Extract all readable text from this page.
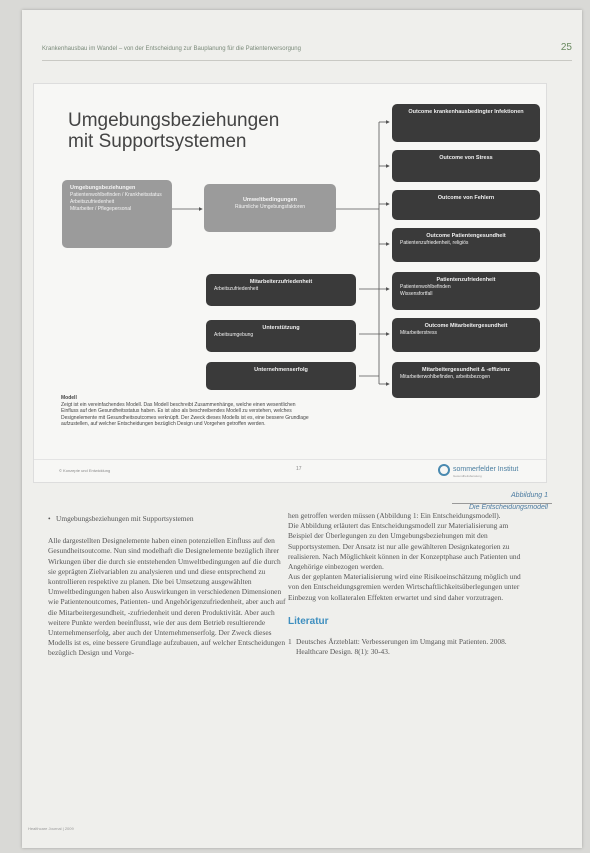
Krankenhausbau im Wandel – von der Entscheidung zur Bauplanung für die Patientenversorgung	25
Umgebungsbeziehungen
mit Supportsystemen
Umgebungsbeziehungen
Patientenwohlbefinden / Krankheitsstatus
Arbeitszufriedenheit
Mitarbeiter / Pflegepersonal
Umweltbedingungen
Räumliche Umgebungsfaktoren
Mitarbeiterzufriedenheit
Arbeitszufriedenheit
Unterstützung
Arbeitsumgebung
Unternehmenserfolg
Outcome krankenhausbedingter Infektionen
Outcome von Stress
Outcome von Fehlern
Outcome Patientengesundheit
Patientenzufriedenheit, religiös
Patientenzufriedenheit
Patientenwohlbefinden
Wissensfortfall
Outcome Mitarbeitergesundheit
Mitarbeiterstress
Mitarbeitergesundheit & -effizienz
Mitarbeiterwohlbefinden, arbeitsbezogen
Modell
Zeigt ist ein vereinfachendes Modell. Das Modell beschreibt Zusammenhänge, welche einen wesentlichen Einfluss auf den Gesundheitsstatus haben. Es ist also als beschreibendes Modell zu verstehen, welches Designelemente mit Gesundheitsoutcomes verknüpft. Der Zweck dieses Modells ist es, eine bessere Grundlage aufzustellen, auf welcher Entscheidungen bezüglich Design und Vorgehen getroffen werden.
© Konzepte und Entwicklung	17	sommerfelder Institut
Gesundheitsberatung
Abbildung 1
Die Entscheidungsmodell

• Umgebungsbeziehungen mit Supportsystemen

Alle dargestellten Designelemente haben einen potenziellen Einfluss auf den Gesundheitsoutcome. Nun sind modelhaft die Designelemente bezüglich ihrer Wirkungen über die durch sie entstehenden Umweltbedingungen auf die durch sie geprägten Zielvariablen zu analysieren und und diese entsprechend zu kontrollieren respektive zu planen. Die bei Umsetzung ausgewählten Umweltbedingungen haben also Auswirkungen in verschiedenen Dimensionen wie Patientenoutcomes, Patienten- und Angehörigenzufriedenheit, aber auch auf die Mitarbeitergesundheit, -zufriedenheit und deren Produktivität. Aber auch weitere Punkte werden beeinflusst, wie der aus dem Betrieb resultierende Unternehmenserfolg, aber auch der Unternehmenserfolg. Der Zweck dieses Modells ist es, eine bessere Grundlage aufzubauen, auf welcher Entscheidungen bezüglich Design und Vorge-

hen getroffen werden müssen (Abbildung 1: Ein Entscheidungsmodell).

Die Abbildung erläutert das Entscheidungsmodell zur Materialisierung am Beispiel der Überlegungen zu den Umgebungsbeziehungen mit den Supportsystemen. Der Ansatz ist nur alle gewählteren Designkategorien zu realisieren. Nach Möglichkeit können in der Konzeptphase auch Patienten und Angehörige einbezogen werden.

Aus der geplanten Materialisierung wird eine Risikoeinschätzung möglich und von den Entscheidungsgremien werden Wirtschaftlichkeitsüberlegungen unter Einbezug von kollateralen Effekten erwartet und sind daher vorzutragen.

Literatur

1 Deutsches Ärzteblatt: Verbesserungen im Umgang mit Patienten. 2008. Healthcare Design. 8(1): 30-43.

Healthcare Journal | 2009
